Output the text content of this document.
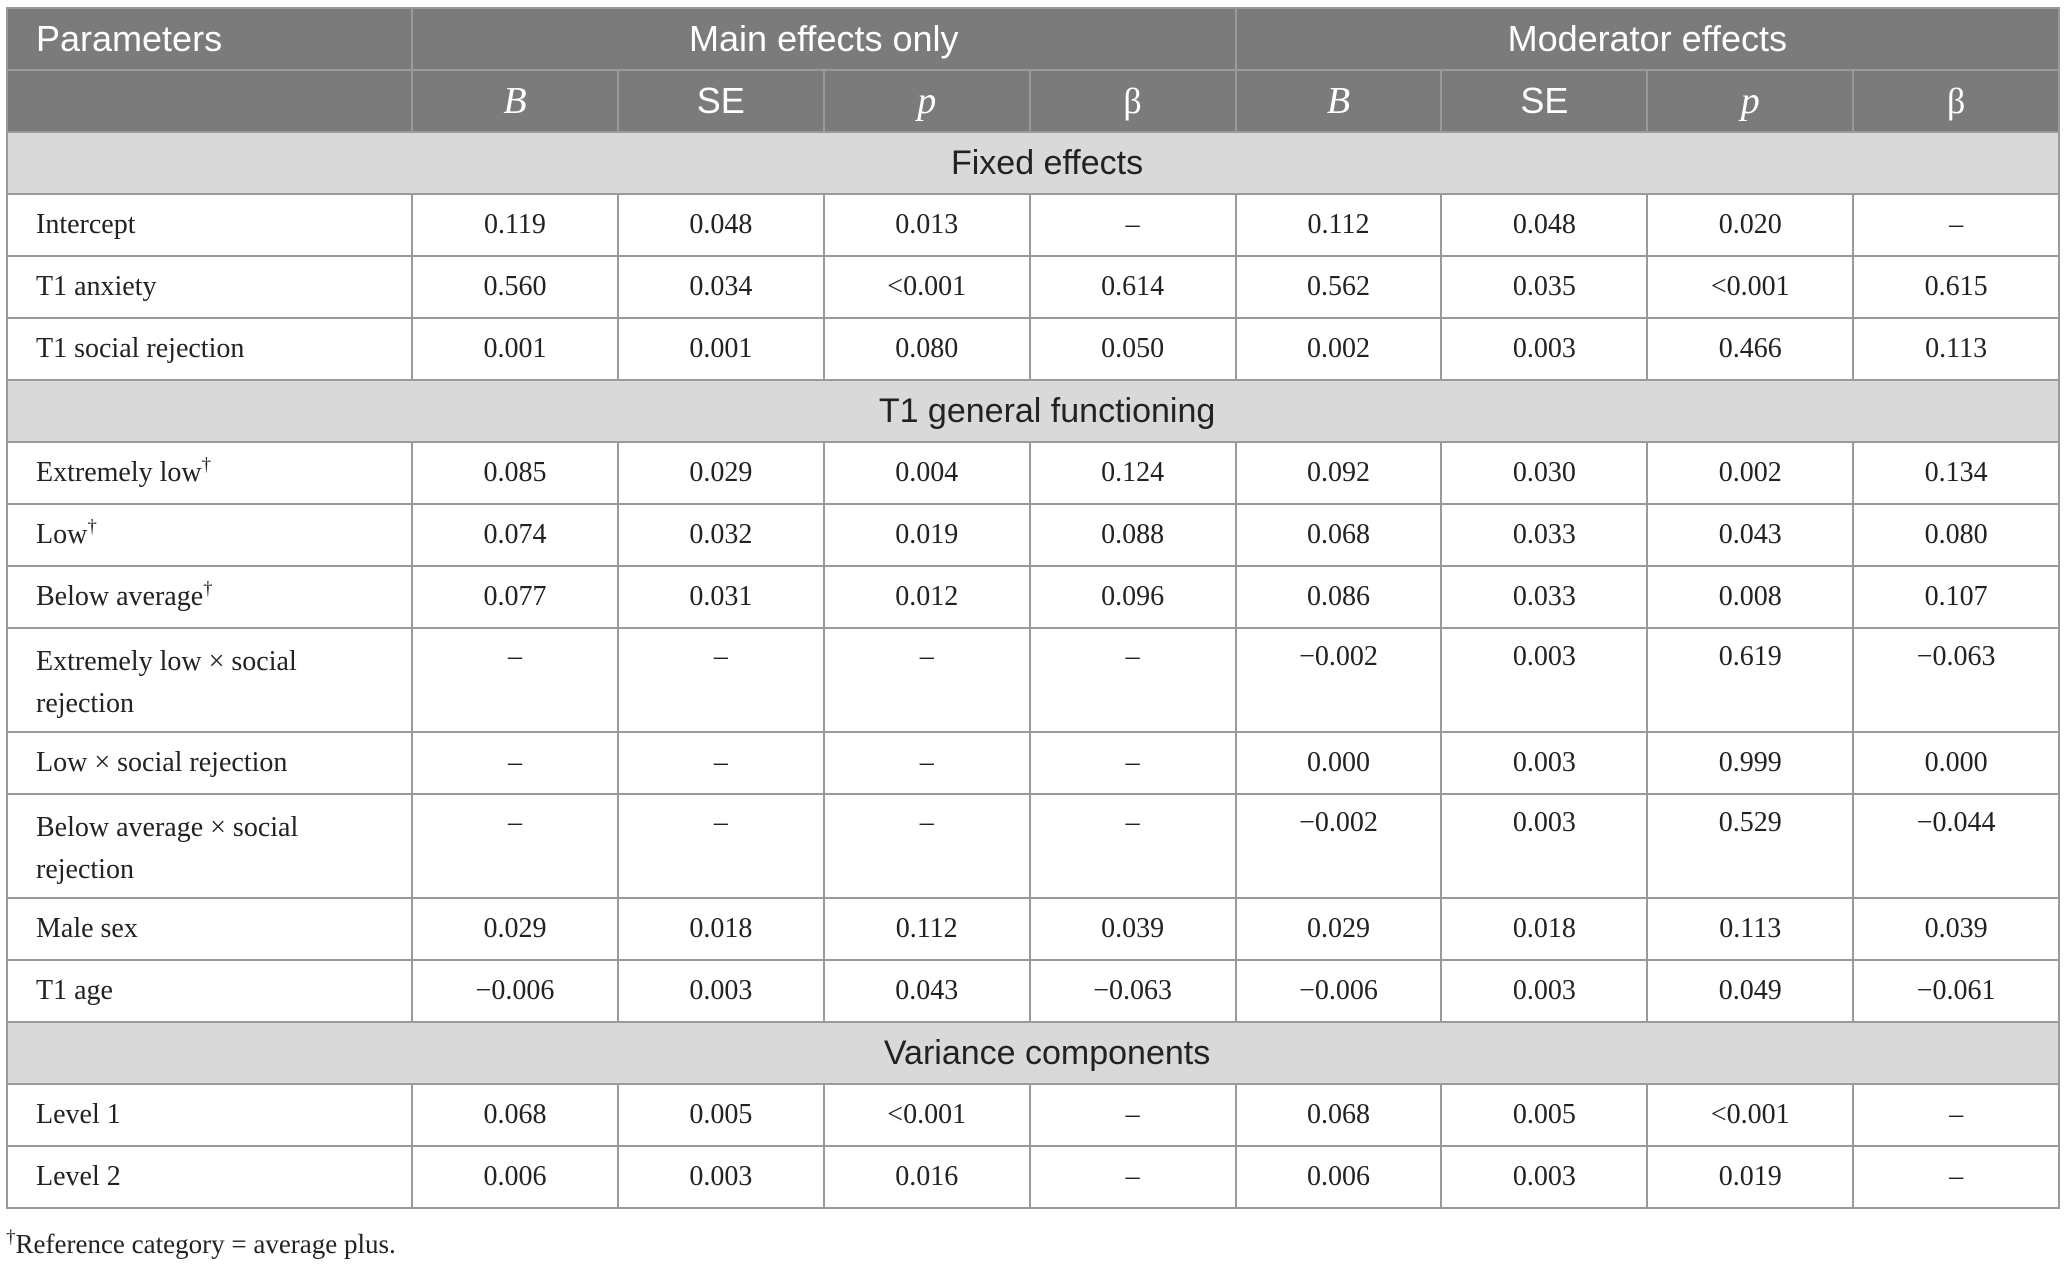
Parameters	Main effects only				Moderator effects			
	B	SE	p	β	B	SE	p	β
Fixed effects								
Intercept	0.119	0.048	0.013	–	0.112	0.048	0.020	–
T1 anxiety	0.560	0.034	<0.001	0.614	0.562	0.035	<0.001	0.615
T1 social rejection	0.001	0.001	0.080	0.050	0.002	0.003	0.466	0.113
T1 general functioning								
Extremely low†	0.085	0.029	0.004	0.124	0.092	0.030	0.002	0.134
Low†	0.074	0.032	0.019	0.088	0.068	0.033	0.043	0.080
Below average†	0.077	0.031	0.012	0.096	0.086	0.033	0.008	0.107
Extremely low × social
rejection	–	–	–	–	−0.002	0.003	0.619	−0.063
Low × social rejection	–	–	–	–	0.000	0.003	0.999	0.000
Below average × social
rejection	–	–	–	–	−0.002	0.003	0.529	−0.044
Male sex	0.029	0.018	0.112	0.039	0.029	0.018	0.113	0.039
T1 age	−0.006	0.003	0.043	−0.063	−0.006	0.003	0.049	−0.061
Variance components								
Level 1	0.068	0.005	<0.001	–	0.068	0.005	<0.001	–
Level 2	0.006	0.003	0.016	–	0.006	0.003	0.019	–
†Reference category = average plus.
